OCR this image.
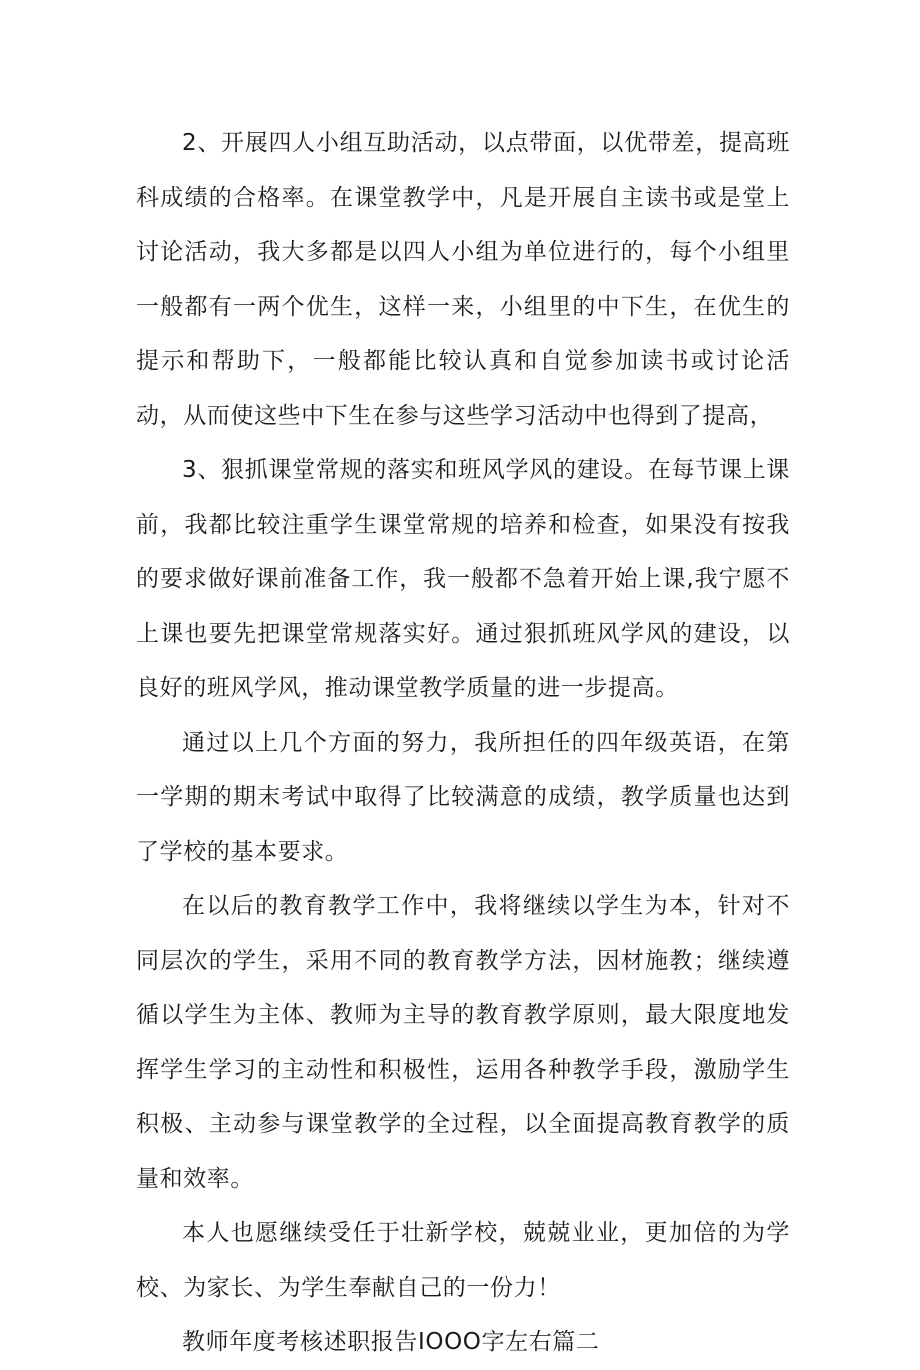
2、开展四人小组互助活动，以点带面，以优带差，提高班科成绩的合格率。在课堂教学中，凡是开展自主读书或是堂上讨论活动，我大多都是以四人小组为单位进行的，每个小组里一般都有一两个优生，这样一来，小组里的中下生，在优生的提示和帮助下，一般都能比较认真和自觉参加读书或讨论活动，从而使这些中下生在参与这些学习活动中也得到了提高，

3、狠抓课堂常规的落实和班风学风的建设。在每节课上课前，我都比较注重学生课堂常规的培养和检查，如果没有按我的要求做好课前准备工作，我一般都不急着开始上课,我宁愿不上课也要先把课堂常规落实好。通过狠抓班风学风的建设，以良好的班风学风，推动课堂教学质量的进一步提高。

通过以上几个方面的努力，我所担任的四年级英语，在第一学期的期末考试中取得了比较满意的成绩，教学质量也达到了学校的基本要求。

在以后的教育教学工作中，我将继续以学生为本，针对不同层次的学生，采用不同的教育教学方法，因材施教；继续遵循以学生为主体、教师为主导的教育教学原则，最大限度地发挥学生学习的主动性和积极性，运用各种教学手段，激励学生积极、主动参与课堂教学的全过程，以全面提高教育教学的质量和效率。

本人也愿继续受任于壮新学校，兢兢业业，更加倍的为学校、为家长、为学生奉献自己的一份力！

教师年度考核述职报告IOOO字左右篇二
